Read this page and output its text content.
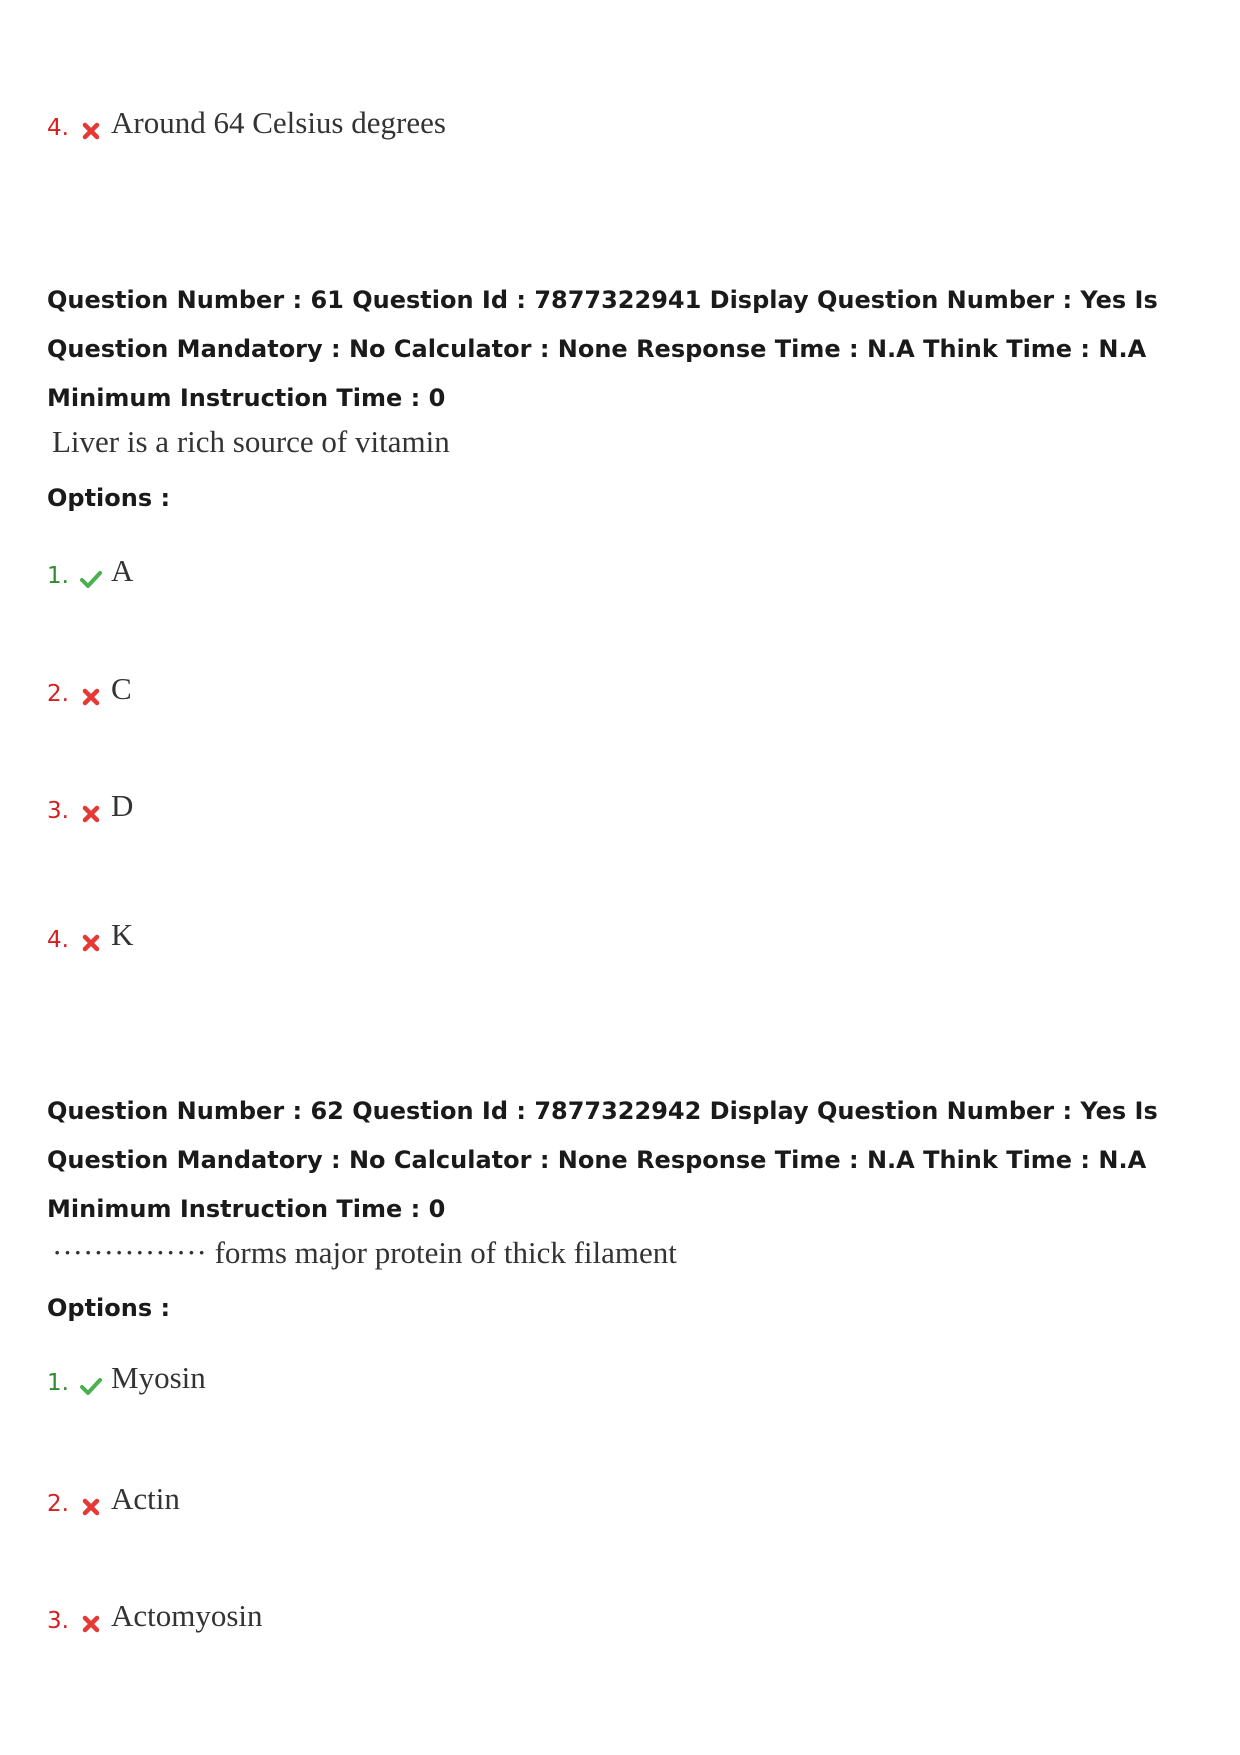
4. Around 64 Celsius degrees
Question Number : 61 Question Id : 7877322941 Display Question Number : Yes Is Question Mandatory : No Calculator : None Response Time : N.A Think Time : N.A Minimum Instruction Time : 0
Liver is a rich source of vitamin
Options :
1. A
2. C
3. D
4. K
Question Number : 62 Question Id : 7877322942 Display Question Number : Yes Is Question Mandatory : No Calculator : None Response Time : N.A Think Time : N.A Minimum Instruction Time : 0
··············· forms major protein of thick filament
Options :
1. Myosin
2. Actin
3. Actomyosin
